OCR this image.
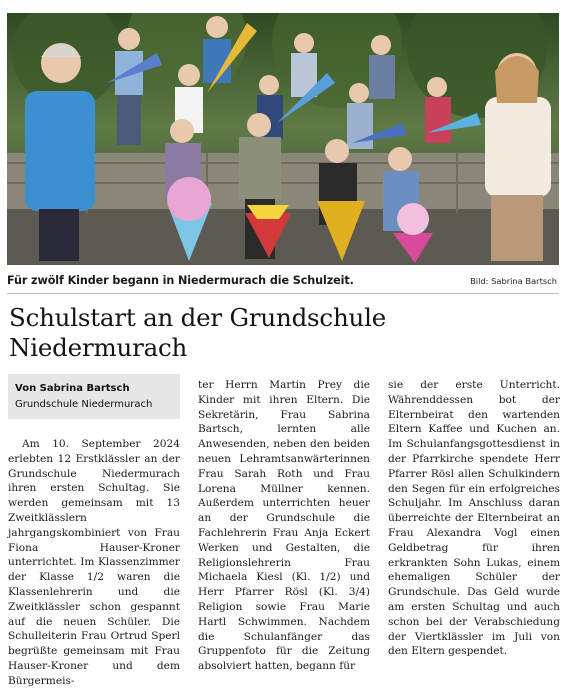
Für zwölf Kinder begann in Niedermurach die Schulzeit.	Bild: Sabrina Bartsch
Schulstart an der Grundschule
Niedermurach
Von Sabrina Bartsch
Grundschule Niedermurach

Am 10. September 2024 erlebten 12 Erstklässler an der Grundschule Niedermurach ihren ersten Schultag. Sie werden gemeinsam mit 13 Zweitklässlern jahrgangskombiniert von Frau Fiona Hauser-Kroner unterrichtet. Im Klassenzimmer der Klasse 1/2 waren die Klassenlehrerin und die Zweitklässler schon gespannt auf die neuen Schüler. Die Schulleiterin Frau Ortrud Sperl begrüßte gemeinsam mit Frau Hauser-Kroner und dem Bürgermeis-

ter Herrn Martin Prey die Kinder mit ihren Eltern. Die Sekretärin, Frau Sabrina Bartsch, lernten alle Anwesenden, neben den beiden neuen Lehramtsanwärterinnen Frau Sarah Roth und Frau Lorena Müllner kennen. Außerdem unterrichten heuer an der Grundschule die Fachlehrerin Frau Anja Eckert Werken und Gestalten, die Religionslehrerin Frau Michaela Kiesl (Kl. 1/2) und Herr Pfarrer Rösl (Kl. 3/4) Religion sowie Frau Marie Hartl Schwimmen. Nachdem die Schulanfänger das Gruppenfoto für die Zeitung absolviert hatten, begann für

sie der erste Unterricht. Währenddessen bot der Elternbeirat den wartenden Eltern Kaffee und Kuchen an. Im Schulanfangsgottesdienst in der Pfarrkirche spendete Herr Pfarrer Rösl allen Schulkindern den Segen für ein erfolgreiches Schuljahr. Im Anschluss daran überreichte der Elternbeirat an Frau Alexandra Vogl einen Geldbetrag für ihren erkrankten Sohn Lukas, einem ehemaligen Schüler der Grundschule. Das Geld wurde am ersten Schultag und auch schon bei der Verabschiedung der Viertklässler im Juli von den Eltern gespendet.
